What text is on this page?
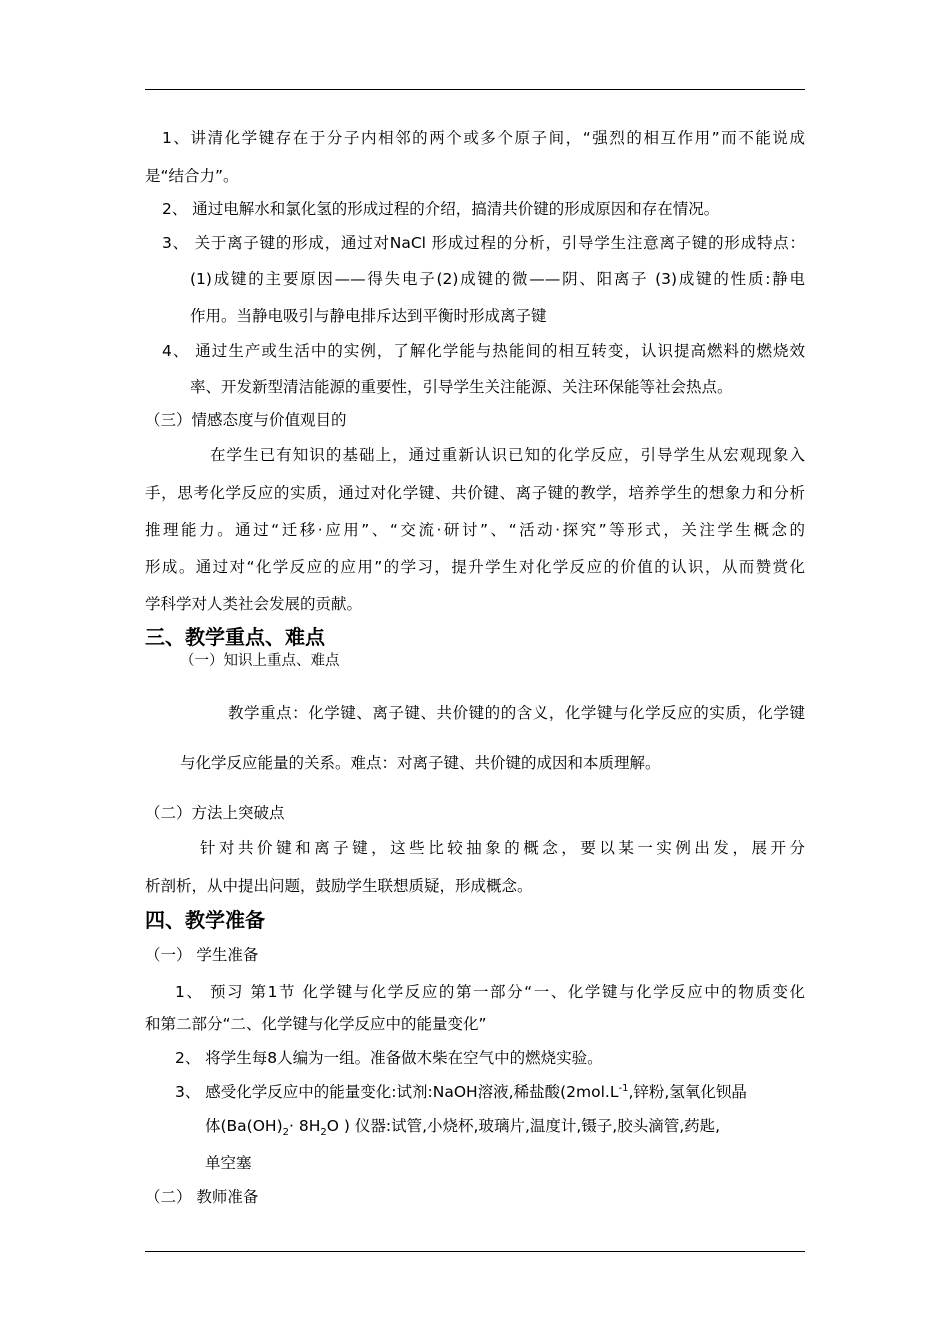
1、讲清化学键存在于分子内相邻的两个或多个原子间，“强烈的相互作用”而不能说成
是“结合力”。
2、 通过电解水和氯化氢的形成过程的介绍，搞清共价键的形成原因和存在情况。
3、 关于离子键的形成，通过对NaCl 形成过程的分析，引导学生注意离子键的形成特点：
(1)成键的主要原因——得失电子(2)成键的微——阴、阳离子 (3)成键的性质:静电
作用。当静电吸引与静电排斥达到平衡时形成离子键
4、 通过生产或生活中的实例，了解化学能与热能间的相互转变，认识提高燃料的燃烧效
率、开发新型清洁能源的重要性，引导学生关注能源、关注环保能等社会热点。
（三）情感态度与价值观目的
在学生已有知识的基础上，通过重新认识已知的化学反应，引导学生从宏观现象入
手，思考化学反应的实质，通过对化学键、共价键、离子键的教学，培养学生的想象力和分析
推理能力。通过“迁移·应用”、“交流·研讨”、“活动·探究”等形式，关注学生概念的
形成。通过对“化学反应的应用”的学习，提升学生对化学反应的价值的认识，从而赞赏化
学科学对人类社会发展的贡献。
三、教学重点、难点
（一）知识上重点、难点
教学重点：化学键、离子键、共价键的的含义，化学键与化学反应的实质，化学键
与化学反应能量的关系。难点：对离子键、共价键的成因和本质理解。
（二）方法上突破点
针对共价键和离子键，这些比较抽象的概念，要以某一实例出发，展开分
析剖析，从中提出问题，鼓励学生联想质疑，形成概念。
四、教学准备
（一） 学生准备
1、 预习 第1节 化学键与化学反应的第一部分“一、化学键与化学反应中的物质变化
和第二部分“二、化学键与化学反应中的能量变化”
2、 将学生每8人编为一组。准备做木柴在空气中的燃烧实验。
3、 感受化学反应中的能量变化:试剂:NaOH溶液,稀盐酸($2mol.L^{-1}$,锌粉,氢氧化钡晶
体($Ba(OH)_2\cdot 8H_2O$ ) 仪器:试管,小烧杯,玻璃片,温度计,镊子,胶头滴管,药匙,
单空塞
（二） 教师准备
